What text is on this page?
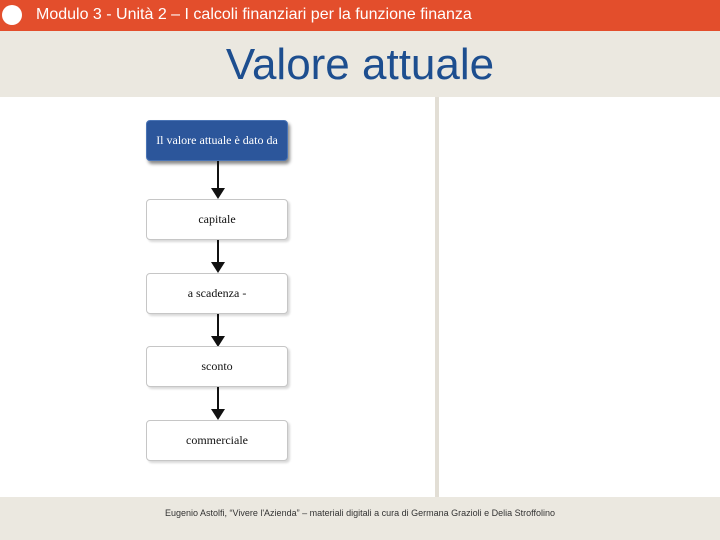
Modulo 3 - Unità 2 – I calcoli finanziari per la funzione finanza
Valore attuale
Il valore attuale è dato da
capitale
a scadenza -
sconto
commerciale
Eugenio Astolfi, “Vivere l'Azienda” – materiali digitali a cura di Germana Grazioli e Delia Stroffolino
